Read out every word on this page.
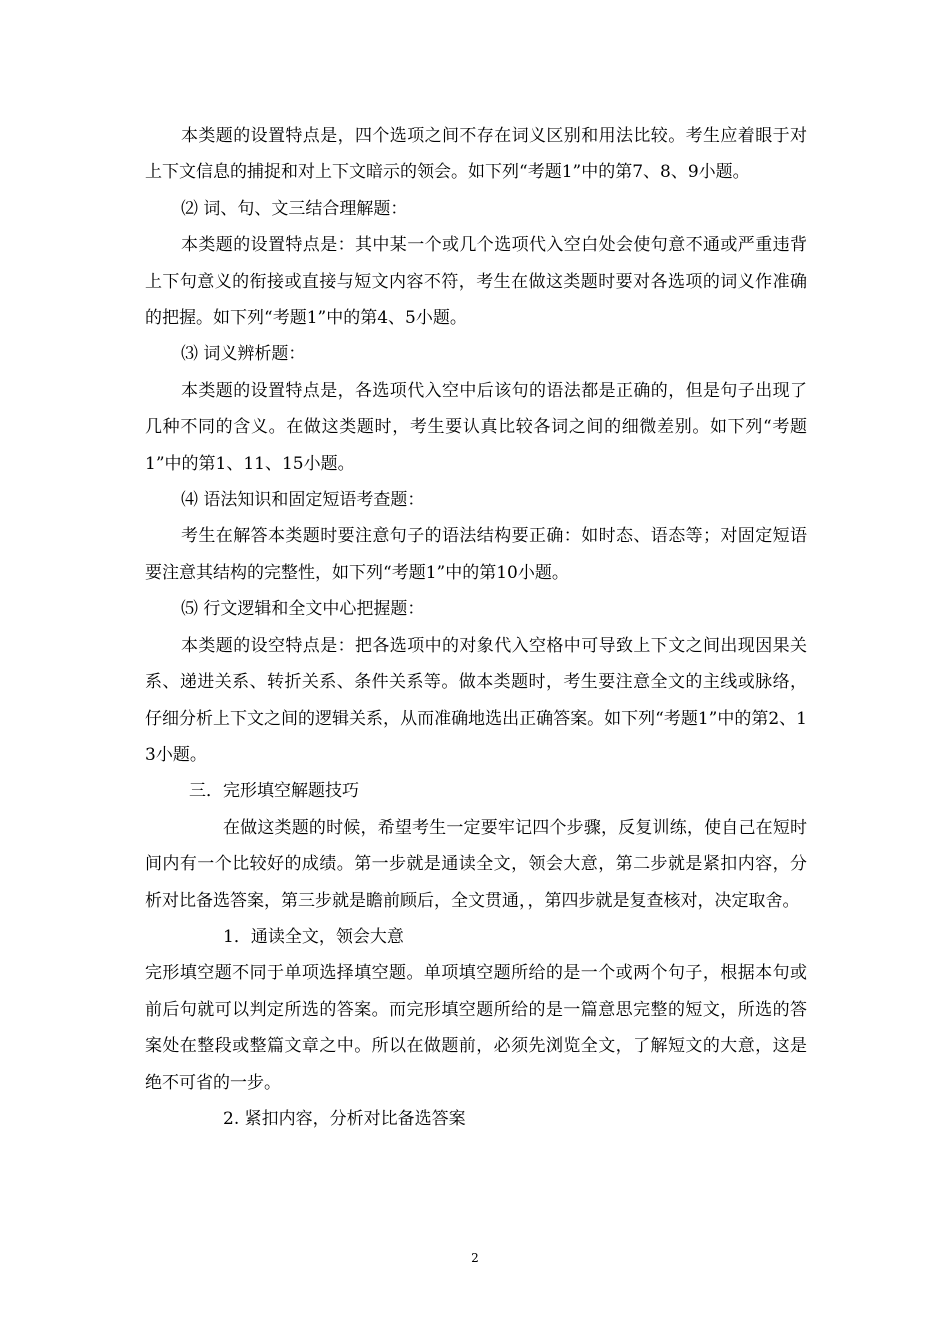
本类题的设置特点是，四个选项之间不存在词义区别和用法比较。考生应着眼于对上下文信息的捕捉和对上下文暗示的领会。如下列“考题1”中的第7、8、9小题。

⑵ 词、句、文三结合理解题：

本类题的设置特点是：其中某一个或几个选项代入空白处会使句意不通或严重违背上下句意义的衔接或直接与短文内容不符，考生在做这类题时要对各选项的词义作准确的把握。如下列“考题1”中的第4、5小题。

⑶ 词义辨析题：

本类题的设置特点是，各选项代入空中后该句的语法都是正确的，但是句子出现了几种不同的含义。在做这类题时，考生要认真比较各词之间的细微差别。如下列“考题1”中的第1、11、15小题。

⑷ 语法知识和固定短语考查题：

考生在解答本类题时要注意句子的语法结构要正确：如时态、语态等；对固定短语要注意其结构的完整性，如下列“考题1”中的第10小题。

⑸ 行文逻辑和全文中心把握题：

本类题的设空特点是：把各选项中的对象代入空格中可导致上下文之间出现因果关系、递进关系、转折关系、条件关系等。做本类题时，考生要注意全文的主线或脉络，仔细分析上下文之间的逻辑关系，从而准确地选出正确答案。如下列“考题1”中的第2、13小题。

三．完形填空解题技巧

在做这类题的时候，希望考生一定要牢记四个步骤，反复训练，使自己在短时间内有一个比较好的成绩。第一步就是通读全文，领会大意，第二步就是紧扣内容，分析对比备选答案，第三步就是瞻前顾后，全文贯通，，第四步就是复查核对，决定取舍。

1．通读全文，领会大意

完形填空题不同于单项选择填空题。单项填空题所给的是一个或两个句子，根据本句或前后句就可以判定所选的答案。而完形填空题所给的是一篇意思完整的短文，所选的答案处在整段或整篇文章之中。所以在做题前，必须先浏览全文，了解短文的大意，这是绝不可省的一步。

2. 紧扣内容，分析对比备选答案

2
